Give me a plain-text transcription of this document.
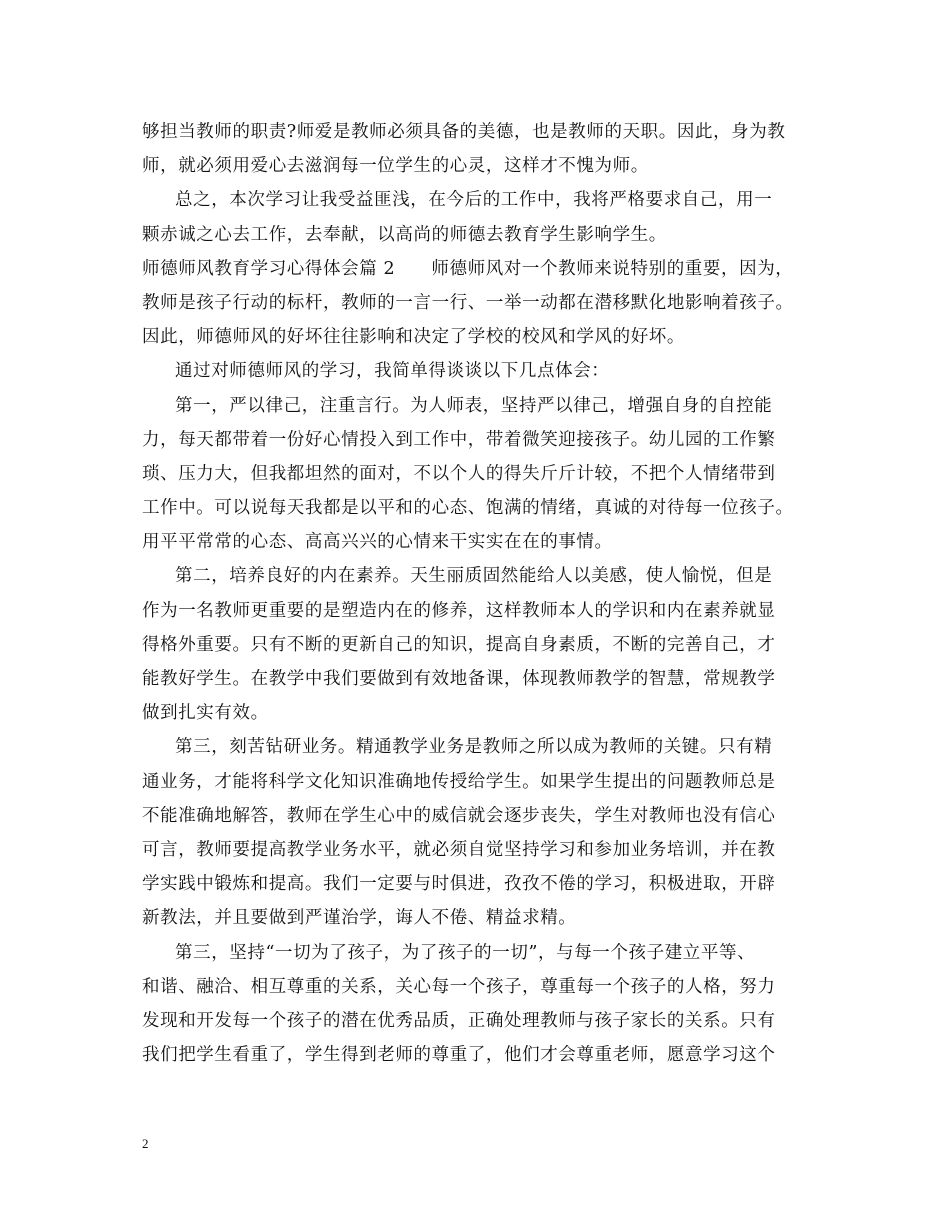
够担当教师的职责?师爱是教师必须具备的美德，也是教师的天职。因此，身为教
师，就必须用爱心去滋润每一位学生的心灵，这样才不愧为师。
总之，本次学习让我受益匪浅，在今后的工作中，我将严格要求自己，用一
颗赤诚之心去工作，去奉献，以高尚的师德去教育学生影响学生。
师德师风教育学习心得体会篇 2　　师德师风对一个教师来说特别的重要，因为，
教师是孩子行动的标杆，教师的一言一行、一举一动都在潜移默化地影响着孩子。
因此，师德师风的好坏往往影响和决定了学校的校风和学风的好坏。
通过对师德师风的学习，我简单得谈谈以下几点体会：
第一，严以律己，注重言行。为人师表，坚持严以律己，增强自身的自控能
力，每天都带着一份好心情投入到工作中，带着微笑迎接孩子。幼儿园的工作繁
琐、压力大，但我都坦然的面对，不以个人的得失斤斤计较，不把个人情绪带到
工作中。可以说每天我都是以平和的心态、饱满的情绪，真诚的对待每一位孩子。
用平平常常的心态、高高兴兴的心情来干实实在在的事情。
第二，培养良好的内在素养。天生丽质固然能给人以美感，使人愉悦，但是
作为一名教师更重要的是塑造内在的修养，这样教师本人的学识和内在素养就显
得格外重要。只有不断的更新自己的知识，提高自身素质，不断的完善自己，才
能教好学生。在教学中我们要做到有效地备课，体现教师教学的智慧，常规教学
做到扎实有效。
第三，刻苦钻研业务。精通教学业务是教师之所以成为教师的关键。只有精
通业务，才能将科学文化知识准确地传授给学生。如果学生提出的问题教师总是
不能准确地解答，教师在学生心中的威信就会逐步丧失，学生对教师也没有信心
可言，教师要提高教学业务水平，就必须自觉坚持学习和参加业务培训，并在教
学实践中锻炼和提高。我们一定要与时俱进，孜孜不倦的学习，积极进取，开辟
新教法，并且要做到严谨治学，诲人不倦、精益求精。
第三，坚持“一切为了孩子，为了孩子的一切”，与每一个孩子建立平等、
和谐、融洽、相互尊重的关系，关心每一个孩子，尊重每一个孩子的人格，努力
发现和开发每一个孩子的潜在优秀品质，正确处理教师与孩子家长的关系。只有
我们把学生看重了，学生得到老师的尊重了，他们才会尊重老师，愿意学习这个
2
